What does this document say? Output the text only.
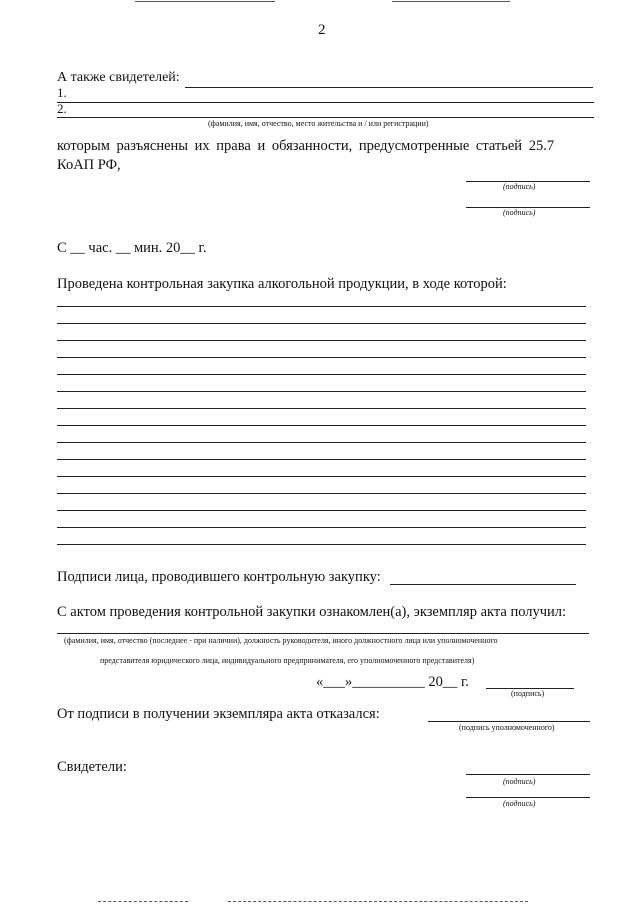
2
А также свидетелей:
1.
2.
(фамилия, имя, отчество, место жительства и / или регистрации)
которым разъяснены их права и обязанности, предусмотренные статьей 25.7
КоАП РФ,
(подпись)
(подпись)
С __ час. __ мин. 20__ г.
Проведена контрольная закупка алкогольной продукции, в ходе которой:
Подписи лица, проводившего контрольную закупку:
С актом проведения контрольной закупки ознакомлен(а), экземпляр акта получил:
(фамилия, имя, отчество (последнее - при наличии), должность руководителя, иного должностного лица или уполномоченного
представителя юридического лица, индивидуального предпринимателя, его уполномоченного представителя)
«___»__________ 20__ г.
(подпись)
От подписи в получении экземпляра акта отказался:
(подпись уполномоченного)
Свидетели:
(подпись)
(подпись)
